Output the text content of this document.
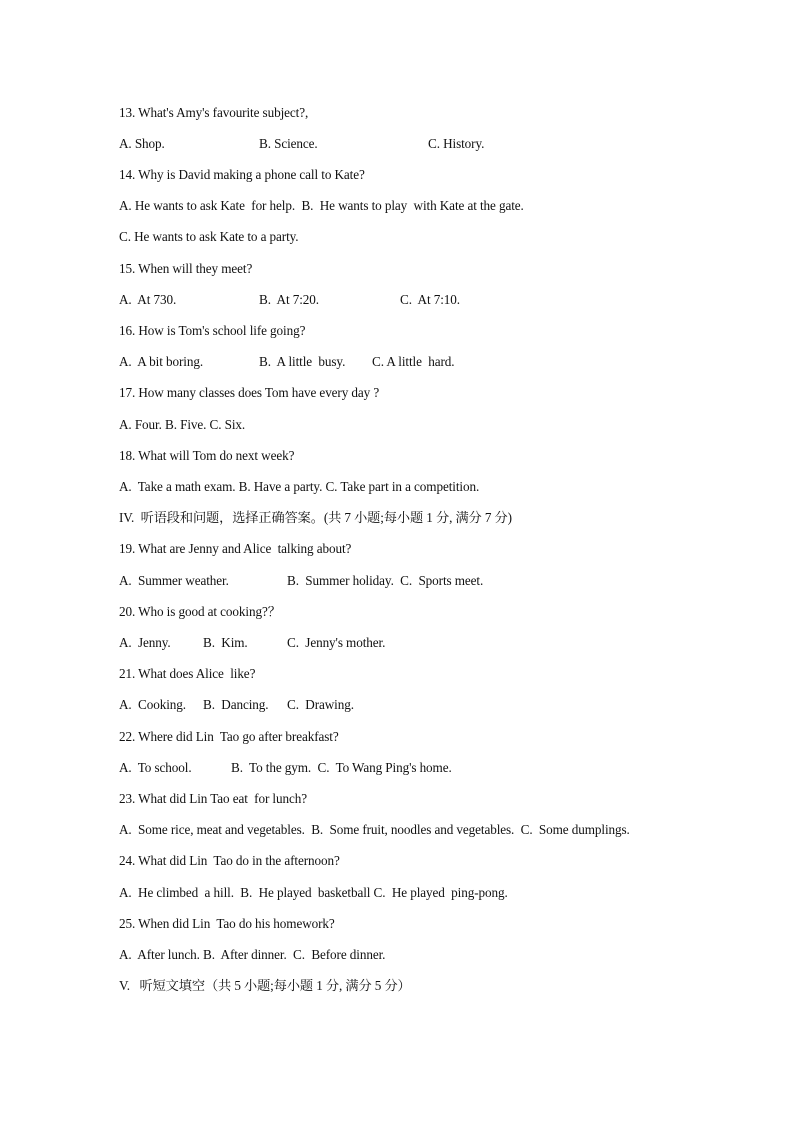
13. What's Amy's favourite subject?,

A. Shop.

	B. Science.

	C. History.

14. Why is David making a phone call to Kate?
A. He wants to ask Kate  for help.  B.  He wants to play  with Kate at the gate.
C. He wants to ask Kate to a party.
15. When will they meet?

A.  At 730.

	B.  At 7:20.

	C.  At 7:10.

16. How is Tom's school life going?

A.  A bit boring.

	B.  A little  busy.

C. A little  hard.

17. How many classes does Tom have every day ?
A. Four. B. Five. C. Six.
18. What will Tom do next week?
A.  Take a math exam. B. Have a party. C. Take part in a competition.
IV.  听语段和问题，选择正确答案。(共 7 小题;每小题 1 分, 满分 7 分)
19. What are Jenny and Alice  talking about?

A.  Summer weather.

	B.  Summer holiday.  C.  Sports meet.

20. Who is good at cooking?？

A.  Jenny.

B.  Kim.

	C.  Jenny's mother.

21. What does Alice  like?

A.  Cooking.

B.  Dancing.

C.  Drawing.

22. Where did Lin  Tao go after breakfast?

A.  To school.

	B.  To the gym.  C.  To Wang Ping's home.

23. What did Lin Tao eat  for lunch?
A.  Some rice, meat and vegetables.  B.  Some fruit, noodles and vegetables.  C.  Some dumplings.
24. What did Lin  Tao do in the afternoon?
A.  He climbed  a hill.  B.  He played  basketball C.  He played  ping-pong.
25. When did Lin  Tao do his homework?
A.  After lunch. B.  After dinner.  C.  Before dinner.
V.   听短文填空（共 5 小题;每小题 1 分, 满分 5 分）
